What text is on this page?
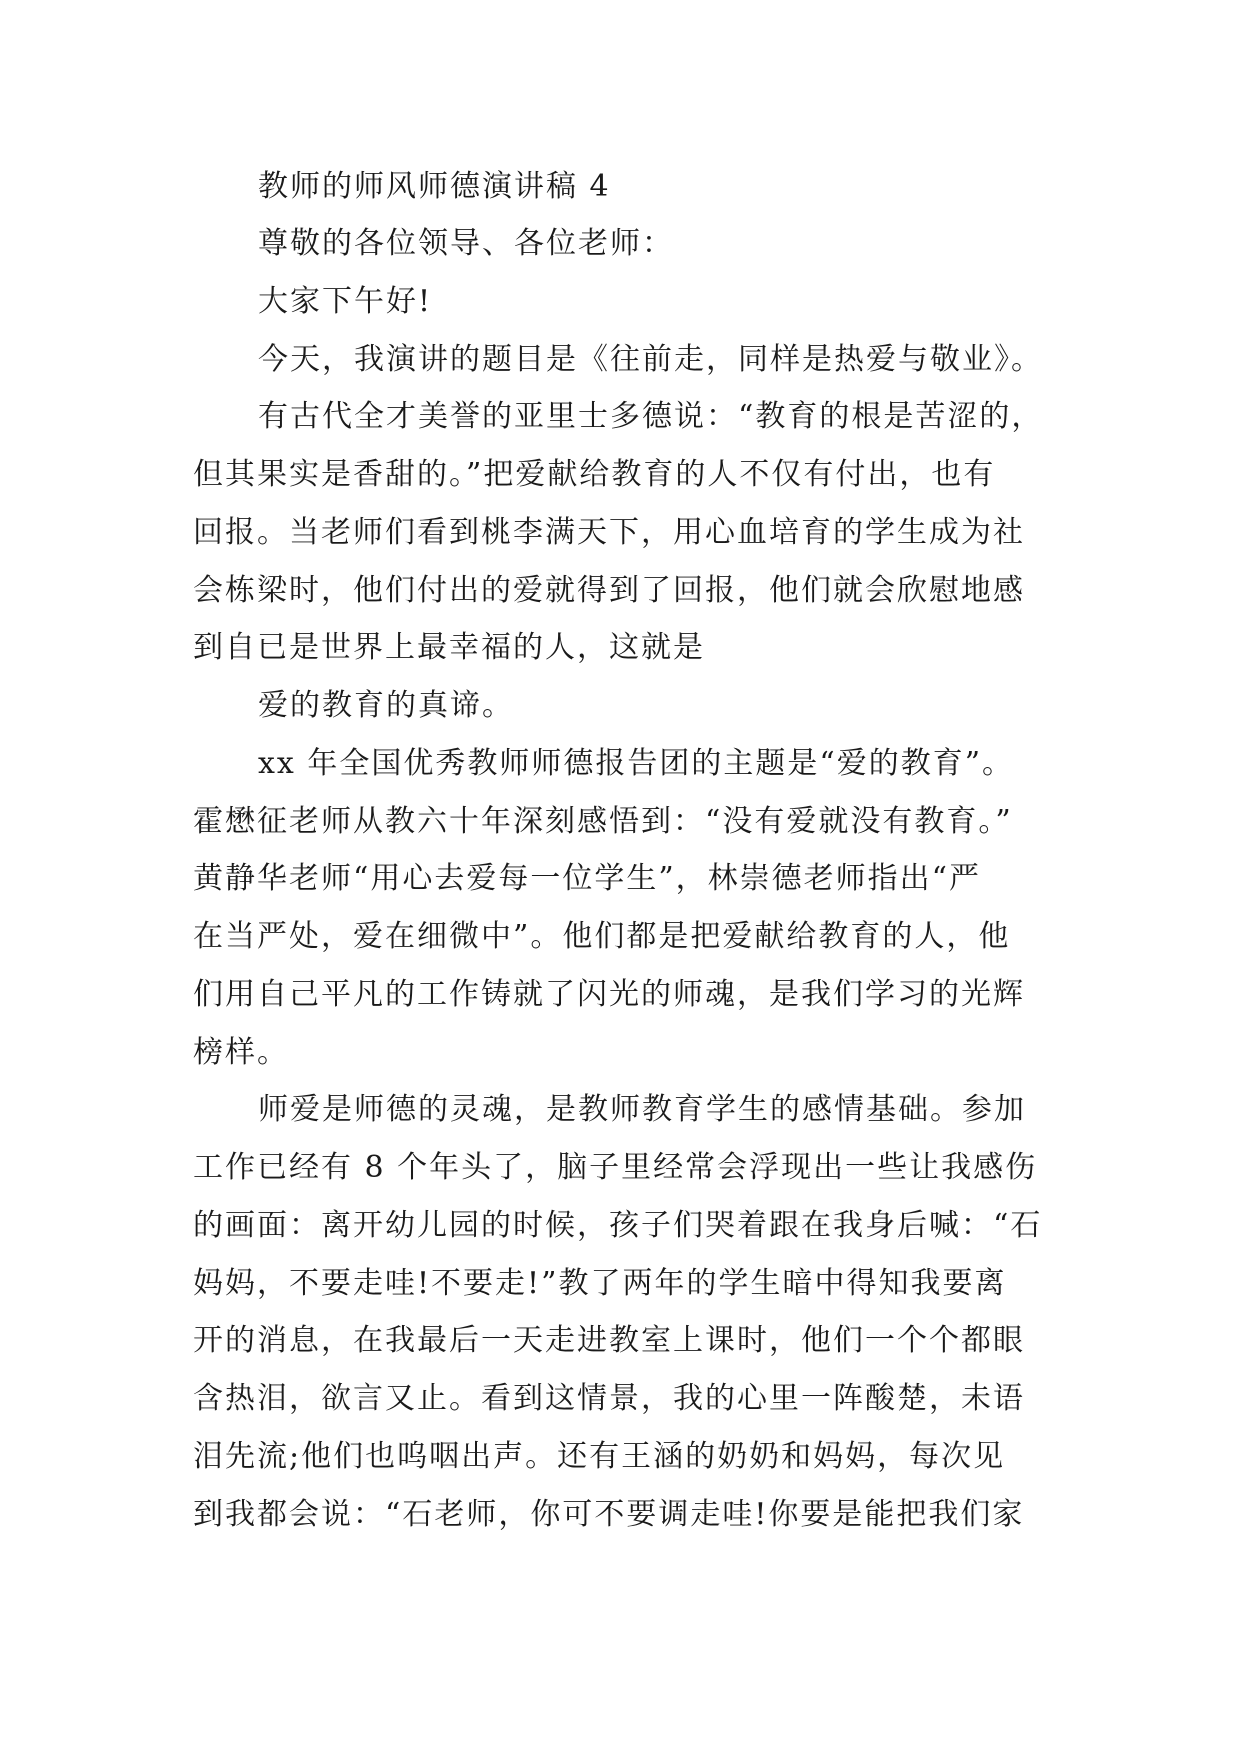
教师的师风师德演讲稿 4
尊敬的各位领导、各位老师：
大家下午好!
今天，我演讲的题目是《往前走，同样是热爱与敬业》。
有古代全才美誉的亚里士多德说：“教育的根是苦涩的，
但其果实是香甜的。”把爱献给教育的人不仅有付出，也有
回报。当老师们看到桃李满天下，用心血培育的学生成为社
会栋梁时，他们付出的爱就得到了回报，他们就会欣慰地感
到自已是世界上最幸福的人，这就是
爱的教育的真谛。
xx 年全国优秀教师师德报告团的主题是“爱的教育”。
霍懋征老师从教六十年深刻感悟到：“没有爱就没有教育。”
黄静华老师“用心去爱每一位学生”，林崇德老师指出“严
在当严处，爱在细微中”。他们都是把爱献给教育的人，他
们用自己平凡的工作铸就了闪光的师魂，是我们学习的光辉
榜样。
师爱是师德的灵魂，是教师教育学生的感情基础。参加
工作已经有 8 个年头了，脑子里经常会浮现出一些让我感伤
的画面：离开幼儿园的时候，孩子们哭着跟在我身后喊：“石
妈妈，不要走哇!不要走!”教了两年的学生暗中得知我要离
开的消息，在我最后一天走进教室上课时，他们一个个都眼
含热泪，欲言又止。看到这情景，我的心里一阵酸楚，未语
泪先流;他们也呜咽出声。还有王涵的奶奶和妈妈，每次见
到我都会说：“石老师，你可不要调走哇!你要是能把我们家
